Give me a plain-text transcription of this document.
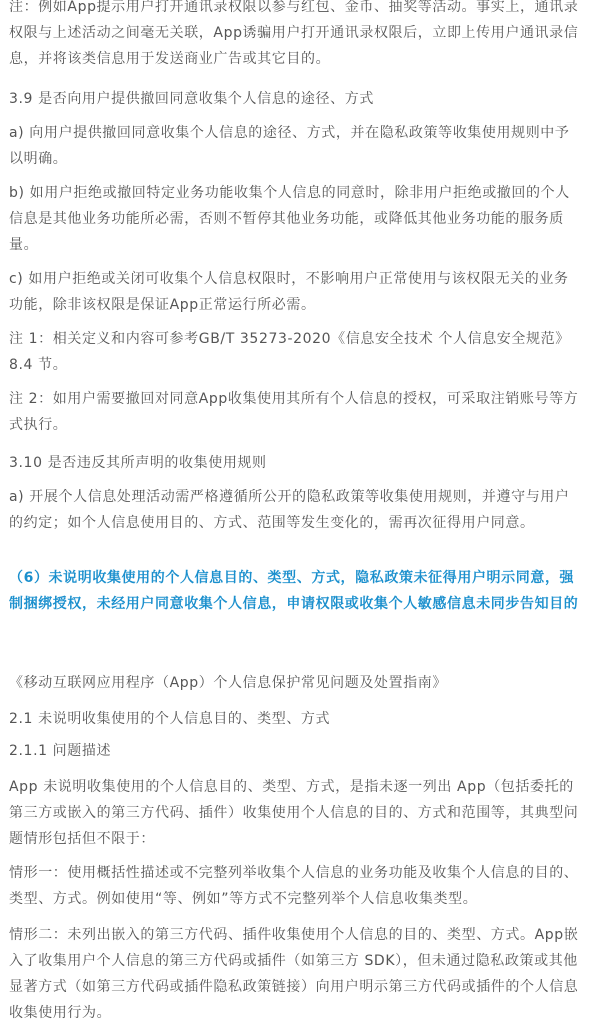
注：例如App提示用户打开通讯录权限以参与红包、金币、抽奖等活动。事实上，通讯录权限与上述活动之间毫无关联，App诱骗用户打开通讯录权限后，立即上传用户通讯录信息，并将该类信息用于发送商业广告或其它目的。

3.9 是否向用户提供撤回同意收集个人信息的途径、方式

a) 向用户提供撤回同意收集个人信息的途径、方式，并在隐私政策等收集使用规则中予以明确。

b) 如用户拒绝或撤回特定业务功能收集个人信息的同意时，除非用户拒绝或撤回的个人信息是其他业务功能所必需，否则不暂停其他业务功能，或降低其他业务功能的服务质量。

c) 如用户拒绝或关闭可收集个人信息权限时，不影响用户正常使用与该权限无关的业务功能，除非该权限是保证App正常运行所必需。

注 1：相关定义和内容可参考GB/T 35273-2020《信息安全技术 个人信息安全规范》8.4 节。

注 2：如用户需要撤回对同意App收集使用其所有个人信息的授权，可采取注销账号等方式执行。

3.10 是否违反其所声明的收集使用规则

a) 开展个人信息处理活动需严格遵循所公开的隐私政策等收集使用规则，并遵守与用户的约定；如个人信息使用目的、方式、范围等发生变化的，需再次征得用户同意。

（6）未说明收集使用的个人信息目的、类型、方式，隐私政策未征得用户明示同意，强制捆绑授权，未经用户同意收集个人信息，申请权限或收集个人敏感信息未同步告知目的

《移动互联网应用程序（App）个人信息保护常见问题及处置指南》

2.1 未说明收集使用的个人信息目的、类型、方式

2.1.1 问题描述

App 未说明收集使用的个人信息目的、类型、方式，是指未逐一列出 App（包括委托的第三方或嵌入的第三方代码、插件）收集使用个人信息的目的、方式和范围等，其典型问题情形包括但不限于：

情形一：使用概括性描述或不完整列举收集个人信息的业务功能及收集个人信息的目的、类型、方式。例如使用“等、例如”等方式不完整列举个人信息收集类型。

情形二：未列出嵌入的第三方代码、插件收集使用个人信息的目的、类型、方式。App嵌入了收集用户个人信息的第三方代码或插件（如第三方 SDK），但未通过隐私政策或其他显著方式（如第三方代码或插件隐私政策链接）向用户明示第三方代码或插件的个人信息收集使用行为。
